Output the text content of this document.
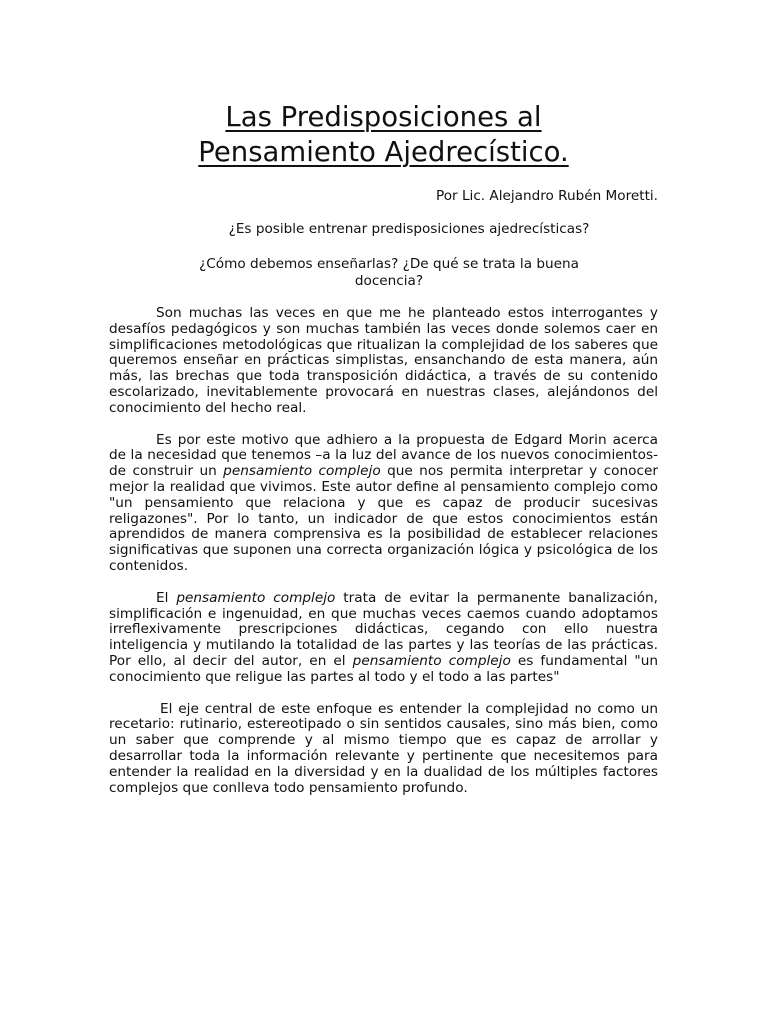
Las Predisposiciones al
Pensamiento Ajedrecístico.
Por Lic. Alejandro Rubén Moretti.
¿Es posible entrenar predisposiciones ajedrecísticas?
¿Cómo debemos enseñarlas? ¿De qué se trata la buena docencia?

Son muchas las veces en que me he planteado estos interrogantes y desafíos pedagógicos y son muchas también las veces donde solemos caer en simplificaciones metodológicas que ritualizan la complejidad de los saberes que queremos enseñar en prácticas simplistas, ensanchando de esta manera, aún más, las brechas que toda transposición didáctica, a través de su contenido escolarizado, inevitablemente provocará en nuestras clases, alejándonos del conocimiento del hecho real.

Es por este motivo que adhiero a la propuesta de Edgard Morin acerca de la necesidad que tenemos –a la luz del avance de los nuevos conocimientos- de construir un pensamiento complejo que nos permita interpretar y conocer mejor la realidad que vivimos. Este autor define al pensamiento complejo como "un pensamiento que relaciona y que es capaz de producir sucesivas religazones". Por lo tanto, un indicador de que estos conocimientos están aprendidos de manera comprensiva es la posibilidad de establecer relaciones significativas que suponen una correcta organización lógica y psicológica de los contenidos.

El pensamiento complejo trata de evitar la permanente banalización, simplificación e ingenuidad, en que muchas veces caemos cuando adoptamos irreflexivamente prescripciones didácticas, cegando con ello nuestra inteligencia y mutilando la totalidad de las partes y las teorías de las prácticas. Por ello, al decir del autor, en el pensamiento complejo es fundamental "un conocimiento que religue las partes al todo y el todo a las partes"

El eje central de este enfoque es entender la complejidad no como un recetario: rutinario, estereotipado o sin sentidos causales, sino más bien, como un saber que comprende y al mismo tiempo que es capaz de arrollar y desarrollar toda la información relevante y pertinente que necesitemos para entender la realidad en la diversidad y en la dualidad de los múltiples factores complejos que conlleva todo pensamiento profundo.
